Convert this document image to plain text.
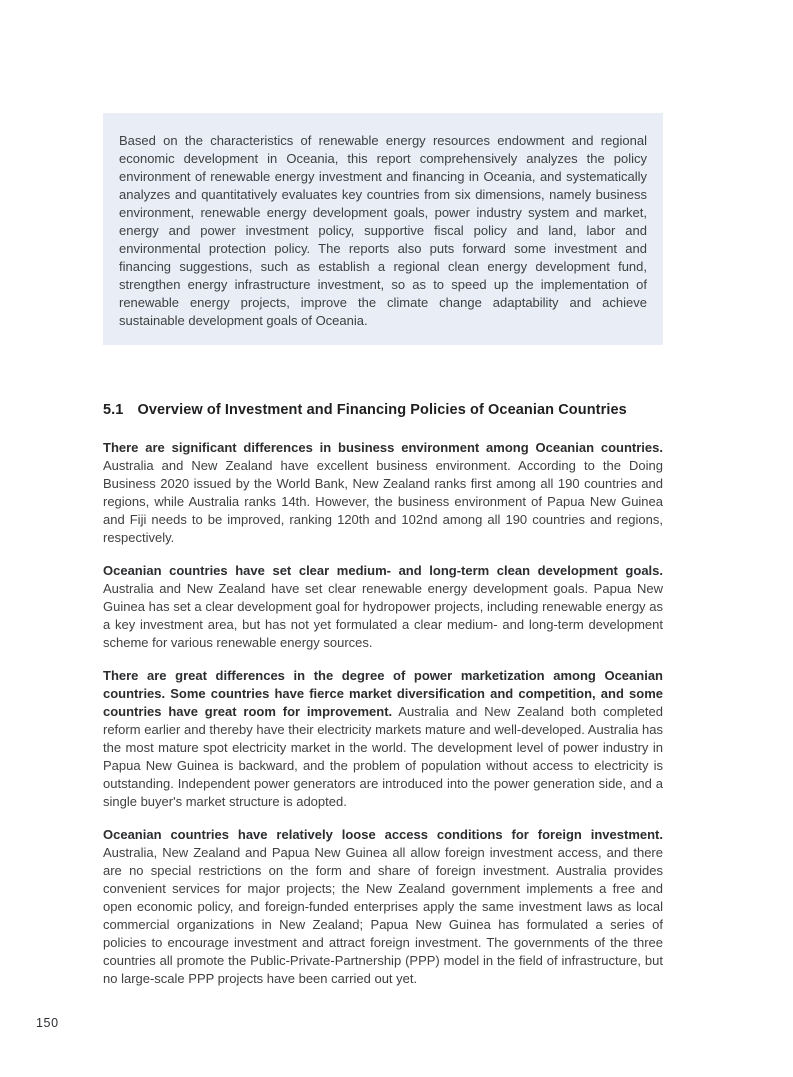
Based on the characteristics of renewable energy resources endowment and regional economic development in Oceania, this report comprehensively analyzes the policy environment of renewable energy investment and financing in Oceania, and systematically analyzes and quantitatively evaluates key countries from six dimensions, namely business environment, renewable energy development goals, power industry system and market, energy and power investment policy, supportive fiscal policy and land, labor and environmental protection policy. The reports also puts forward some investment and financing suggestions, such as establish a regional clean energy development fund, strengthen energy infrastructure investment, so as to speed up the implementation of renewable energy projects, improve the climate change adaptability and achieve sustainable development goals of Oceania.

5.1 Overview of Investment and Financing Policies of Oceanian Countries

There are significant differences in business environment among Oceanian countries. Australia and New Zealand have excellent business environment. According to the Doing Business 2020 issued by the World Bank, New Zealand ranks first among all 190 countries and regions, while Australia ranks 14th. However, the business environment of Papua New Guinea and Fiji needs to be improved, ranking 120th and 102nd among all 190 countries and regions, respectively.

Oceanian countries have set clear medium- and long-term clean development goals. Australia and New Zealand have set clear renewable energy development goals. Papua New Guinea has set a clear development goal for hydropower projects, including renewable energy as a key investment area, but has not yet formulated a clear medium- and long-term development scheme for various renewable energy sources.

There are great differences in the degree of power marketization among Oceanian countries. Some countries have fierce market diversification and competition, and some countries have great room for improvement. Australia and New Zealand both completed reform earlier and thereby have their electricity markets mature and well-developed. Australia has the most mature spot electricity market in the world. The development level of power industry in Papua New Guinea is backward, and the problem of population without access to electricity is outstanding. Independent power generators are introduced into the power generation side, and a single buyer's market structure is adopted.

Oceanian countries have relatively loose access conditions for foreign investment. Australia, New Zealand and Papua New Guinea all allow foreign investment access, and there are no special restrictions on the form and share of foreign investment. Australia provides convenient services for major projects; the New Zealand government implements a free and open economic policy, and foreign-funded enterprises apply the same investment laws as local commercial organizations in New Zealand; Papua New Guinea has formulated a series of policies to encourage investment and attract foreign investment. The governments of the three countries all promote the Public-Private-Partnership (PPP) model in the field of infrastructure, but no large-scale PPP projects have been carried out yet.

150
